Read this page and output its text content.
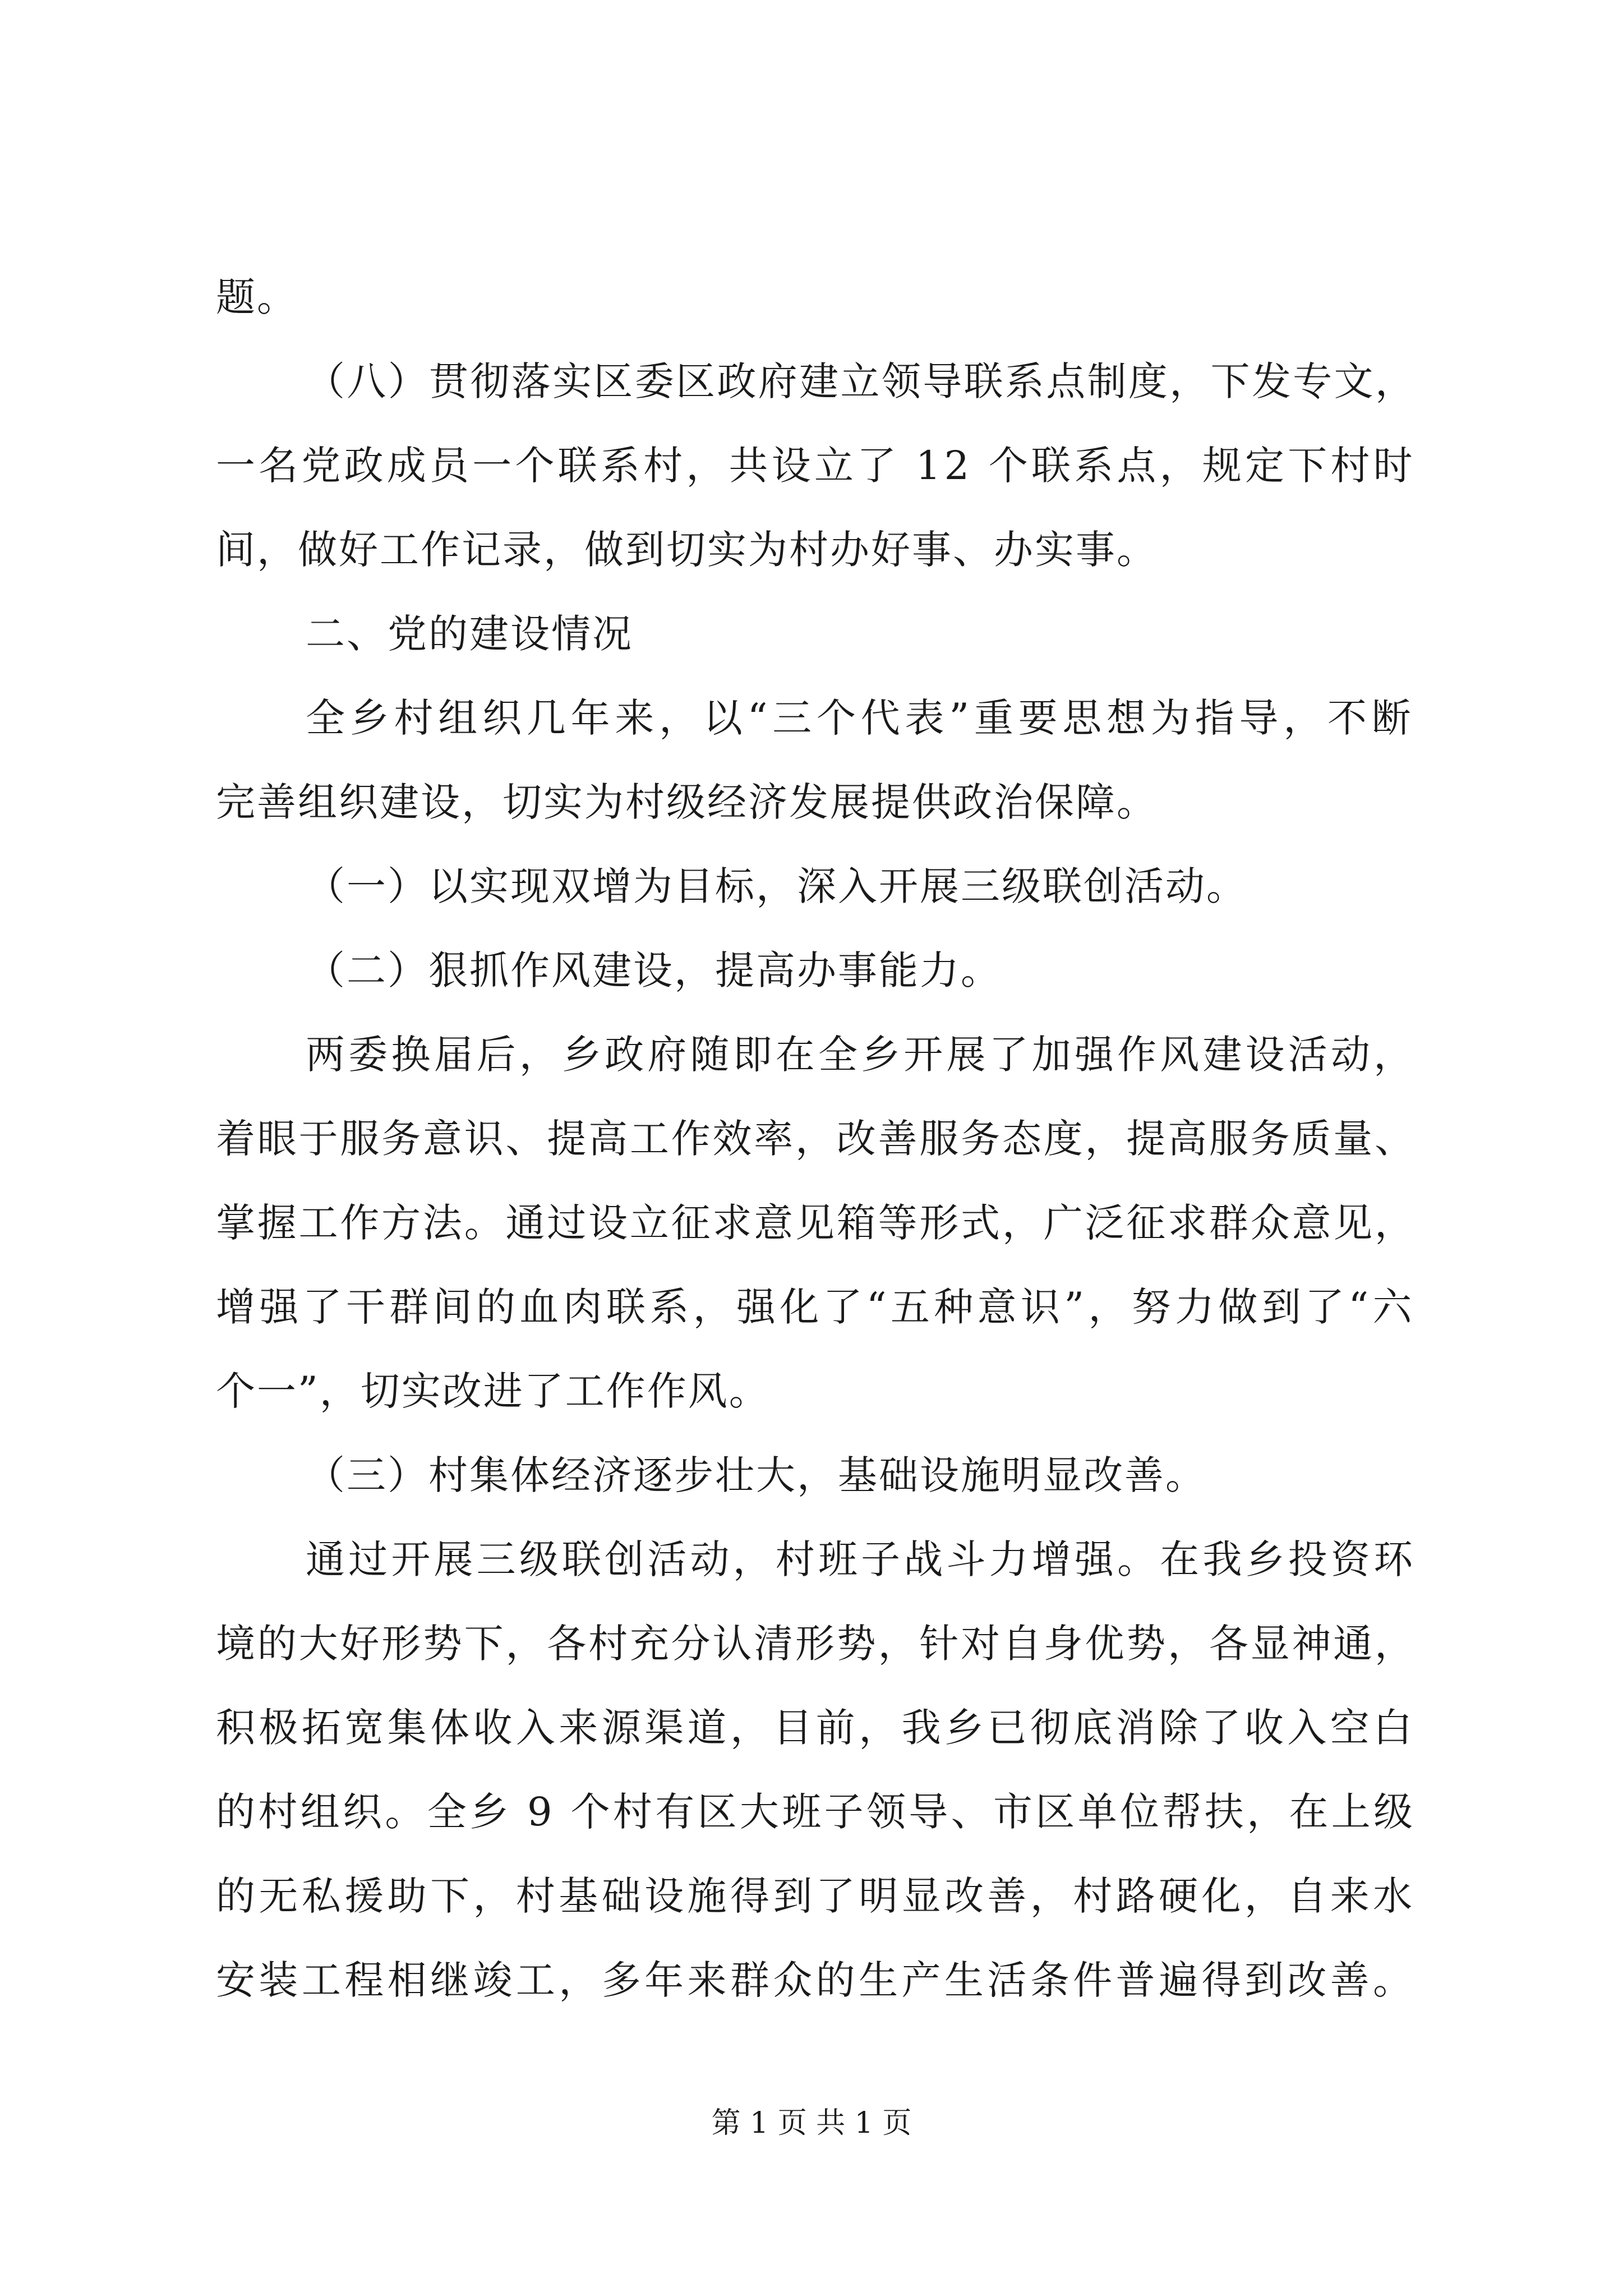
题。
（八）贯彻落实区委区政府建立领导联系点制度，下发专文，
一名党政成员一个联系村，共设立了 12 个联系点，规定下村时
间，做好工作记录，做到切实为村办好事、办实事。
二、党的建设情况
全乡村组织几年来，以“三个代表”重要思想为指导，不断
完善组织建设，切实为村级经济发展提供政治保障。
（一）以实现双增为目标，深入开展三级联创活动。
（二）狠抓作风建设，提高办事能力。
两委换届后，乡政府随即在全乡开展了加强作风建设活动，
着眼于服务意识、提高工作效率，改善服务态度，提高服务质量、
掌握工作方法。通过设立征求意见箱等形式，广泛征求群众意见，
增强了干群间的血肉联系，强化了“五种意识”，努力做到了“六
个一”，切实改进了工作作风。
（三）村集体经济逐步壮大，基础设施明显改善。
通过开展三级联创活动，村班子战斗力增强。在我乡投资环
境的大好形势下，各村充分认清形势，针对自身优势，各显神通，
积极拓宽集体收入来源渠道，目前，我乡已彻底消除了收入空白
的村组织。全乡 9 个村有区大班子领导、市区单位帮扶，在上级
的无私援助下，村基础设施得到了明显改善，村路硬化，自来水
安装工程相继竣工，多年来群众的生产生活条件普遍得到改善。
第 1 页 共 1 页
